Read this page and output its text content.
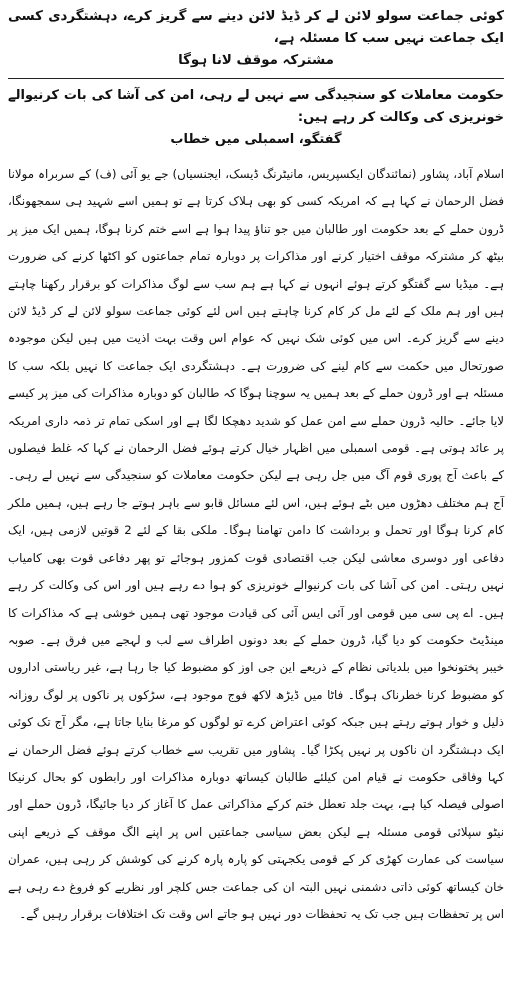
کوئی جماعت سولو لائن لے کر ڈیڈ لائن دینے سے گریز کرے، دہشتگردی کسی ایک جماعت نہیں سب کا مسئلہ ہے،
مشترکہ موقف لانا ہوگا
حکومت معاملات کو سنجیدگی سے نہیں لے رہی، امن کی آشا کی بات کرنیوالے خونریزی کی وکالت کر رہے ہیں:
گفتگو، اسمبلی میں خطاب

اسلام آباد، پشاور (نمائندگان ایکسپریس، مانیٹرنگ ڈیسک، ایجنسیاں) جے یو آئی (ف) کے سربراہ مولانا فضل الرحمان نے کہا ہے کہ امریکہ کسی کو بھی ہلاک کرتا ہے تو ہمیں اسے شہید ہی سمجھونگا، ڈرون حملے کے بعد حکومت اور طالبان میں جو تناؤ پیدا ہوا ہے اسے ختم کرنا ہوگا، ہمیں ایک میز پر بیٹھ کر مشترکہ موقف اختیار کرنے اور مذاکرات پر دوبارہ تمام جماعتوں کو اکٹھا کرنے کی ضرورت ہے۔ میڈیا سے گفتگو کرتے ہوئے انہوں نے کہا ہے ہم سب سے لوگ مذاکرات کو برقرار رکھنا چاہتے ہیں اور ہم ملک کے لئے مل کر کام کرنا چاہتے ہیں اس لئے کوئی جماعت سولو لائن لے کر ڈیڈ لائن دینے سے گریز کرے۔ اس میں کوئی شک نہیں کہ عوام اس وقت بہت اذیت میں ہیں لیکن موجودہ صورتحال میں حکمت سے کام لینے کی ضرورت ہے۔ دہشتگردی ایک جماعت کا نہیں بلکہ سب کا مسئلہ ہے اور ڈرون حملے کے بعد ہمیں یہ سوچنا ہوگا کہ طالبان کو دوبارہ مذاکرات کی میز پر کیسے لایا جائے۔ حالیہ ڈرون حملے سے امن عمل کو شدید دھچکا لگا ہے اور اسکی تمام تر ذمہ داری امریکہ پر عائد ہوتی ہے۔ قومی اسمبلی میں اظہار خیال کرتے ہوئے فضل الرحمان نے کہا کہ غلط فیصلوں کے باعث آج پوری قوم آگ میں جل رہی ہے لیکن حکومت معاملات کو سنجیدگی سے نہیں لے رہی۔ آج ہم مختلف دھڑوں میں بٹے ہوئے ہیں، اس لئے مسائل قابو سے باہر ہوتے جا رہے ہیں، ہمیں ملکر کام کرنا ہوگا اور تحمل و برداشت کا دامن تھامنا ہوگا۔ ملکی بقا کے لئے 2 قوتیں لازمی ہیں، ایک دفاعی اور دوسری معاشی لیکن جب اقتصادی قوت کمزور ہوجائے تو پھر دفاعی قوت بھی کامیاب نہیں رہتی۔ امن کی آشا کی بات کرنیوالے خونریزی کو ہوا دے رہے ہیں اور اس کی وکالت کر رہے ہیں۔ اے پی سی میں قومی اور آئی ایس آئی کی قیادت موجود تھی ہمیں خوشی ہے کہ مذاکرات کا مینڈیٹ حکومت کو دیا گیا، ڈرون حملے کے بعد دونوں اطراف سے لب و لہجے میں فرق ہے۔ صوبہ خیبر پختونخوا میں بلدیاتی نظام کے ذریعے این جی اوز کو مضبوط کیا جا رہا ہے، غیر ریاستی اداروں کو مضبوط کرنا خطرناک ہوگا۔ فاٹا میں ڈیڑھ لاکھ فوج موجود ہے، سڑکوں پر ناکوں پر لوگ روزانہ ذلیل و خوار ہوتے رہتے ہیں جبکہ کوئی اعتراض کرے تو لوگوں کو مرغا بنایا جاتا ہے، مگر آج تک کوئی ایک دہشتگرد ان ناکوں پر نہیں پکڑا گیا۔ پشاور میں تقریب سے خطاب کرتے ہوئے فضل الرحمان نے کہا وفاقی حکومت نے قیام امن کیلئے طالبان کیساتھ دوبارہ مذاکرات اور رابطوں کو بحال کرنیکا اصولی فیصلہ کیا ہے، بہت جلد تعطل ختم کرکے مذاکراتی عمل کا آغاز کر دیا جائیگا، ڈرون حملے اور نیٹو سپلائی قومی مسئلہ ہے لیکن بعض سیاسی جماعتیں اس پر اپنے الگ موقف کے ذریعے اپنی سیاست کی عمارت کھڑی کر کے قومی یکجہتی کو پارہ پارہ کرنے کی کوشش کر رہی ہیں، عمران خان کیساتھ کوئی ذاتی دشمنی نہیں البتہ ان کی جماعت جس کلچر اور نظریے کو فروغ دے رہی ہے اس پر تحفظات ہیں جب تک یہ تحفظات دور نہیں ہو جاتے اس وقت تک اختلافات برقرار رہیں گے۔
